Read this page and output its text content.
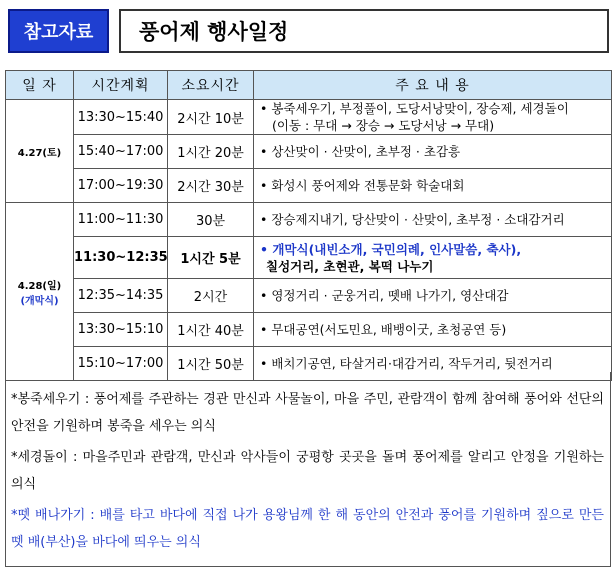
참고자료	풍어제 행사일정
일 자	시간계획	소요시간	주 요 내 용
4.27(토)	13:30~15:40	2시간 10분	• 봉죽세우기, 부정풀이, 도당서낭맞이, 장승제, 세경돌이
(이동 : 무대 → 장승 → 도당서낭 → 무대)

	15:40~17:00	1시간 20분	• 상산맞이 · 산맞이, 초부정 · 초감흥
	17:00~19:30	2시간 30분	• 화성시 풍어제와 전통문화 학술대회

4.28(일)
(개막식)	11:00~11:30	30분	• 장승제지내기, 당산맞이 · 산맞이, 초부정 · 소대감거리
	11:30~12:35	1시간 5분	• 개막식(내빈소개, 국민의례, 인사말씀, 축사),
칠성거리, 초현관, 복떡 나누기

	12:35~14:35	2시간	• 영정거리 · 군웅거리, 뗏배 나가기, 영산대감
	13:30~15:10	1시간 40분	• 무대공연(서도민요, 배뱅이굿, 초청공연 등)
	15:10~17:00	1시간 50분	• 배치기공연, 타살거리·대감거리, 작두거리, 뒷전거리
*봉죽세우기 : 풍어제를 주관하는 경관 만신과 사물놀이, 마을 주민, 관람객이 함께 참여해 풍어와 선단의 안전을 기원하며 봉죽을 세우는 의식
*세경돌이 : 마을주민과 관람객, 만신과 악사들이 궁평항 곳곳을 돌며 풍어제를 알리고 안정을 기원하는 의식
*뗏 배나가기 : 배를 타고 바다에 직접 나가 용왕님께 한 해 동안의 안전과 풍어를 기원하며 짚으로 만든 뗏 배(부산)을 바다에 띄우는 의식
